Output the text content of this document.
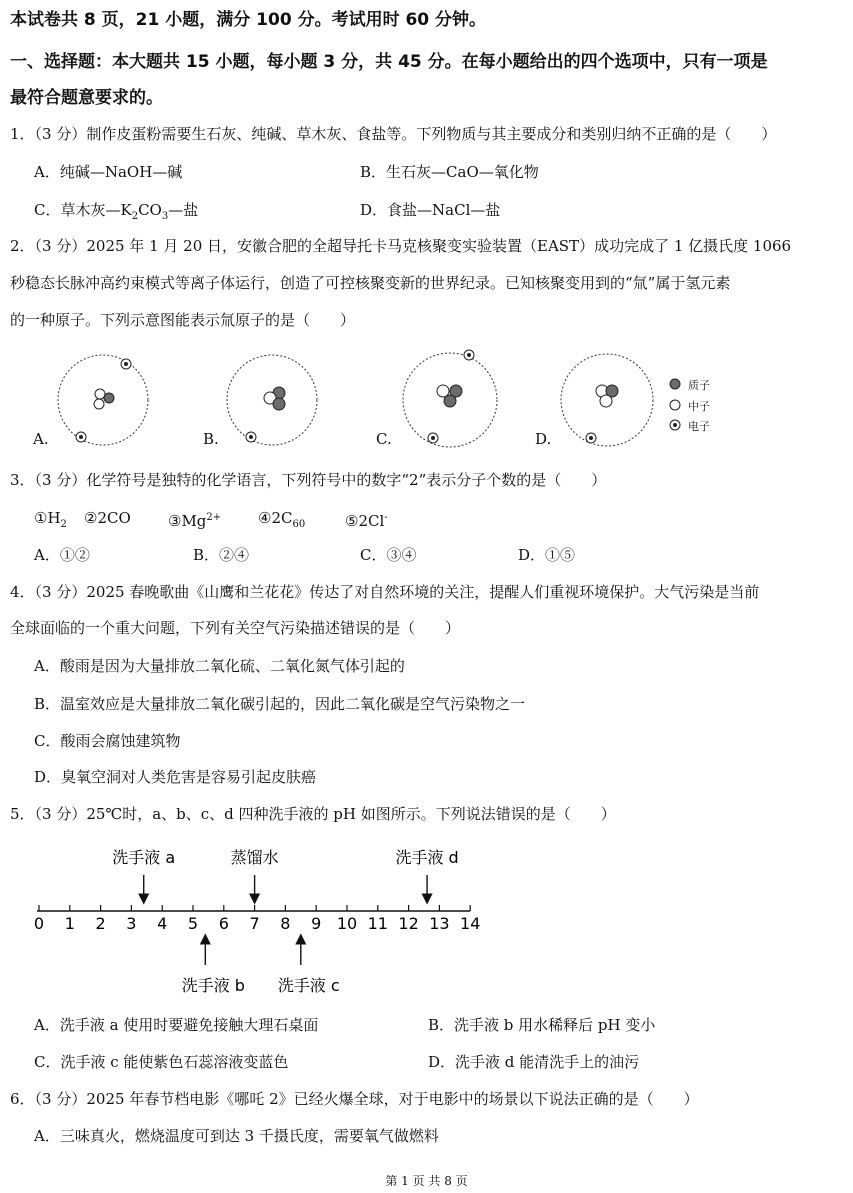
本试卷共 8 页，21 小题，满分 100 分。考试用时 60 分钟。
一、选择题：本大题共 15 小题，每小题 3 分，共 45 分。在每小题给出的四个选项中，只有一项是
最符合题意要求的。
1．（3 分）制作皮蛋粉需要生石灰、纯碱、草木灰、食盐等。下列物质与其主要成分和类别归纳不正确的是（　　）
A．纯碱—NaOH—碱	B．生石灰—CaO—氧化物
C．草木灰$—K_2CO_3—$盐	D．食盐—NaCl—盐
2．（3 分）2025 年 1 月 20 日，安徽合肥的全超导托卡马克核聚变实验装置（EAST）成功完成了 1 亿摄氏度 1066
秒稳态长脉冲高约束模式等离子体运行，创造了可控核聚变新的世界纪录。已知核聚变用到的“氚”属于氢元素
的一种原子。下列示意图能表示氚原子的是（　　）
A.	B.	C.	D.
质子
中子
电子
3．（3 分）化学符号是独特的化学语言，下列符号中的数字“2”表示分子个数的是（　　）
$①H_2$ ②2CO $③Mg^{2+}$ $④2C_{60}$	⑤2Cl-
A．①②	B．②④	C．③④	D．①⑤
4．（3 分）2025 春晚歌曲《山鹰和兰花花》传达了对自然环境的关注，提醒人们重视环境保护。大气污染是当前
全球面临的一个重大问题，下列有关空气污染描述错误的是（　　）
A．酸雨是因为大量排放二氧化硫、二氧化氮气体引起的
B．温室效应是大量排放二氧化碳引起的，因此二氧化碳是空气污染物之一
C．酸雨会腐蚀建筑物
D．臭氧空洞对人类危害是容易引起皮肤癌
5．（3 分）25℃时，a、b、c、d 四种洗手液的 pH 如图所示。下列说法错误的是（　　）
0 1 2 3 4 5 6 7 8 9 10 11 12 13 14
洗手液 a	蒸馏水	洗手液 d
洗手液 b 洗手液 c
A．洗手液 a 使用时要避免接触大理石桌面	B．洗手液 b 用水稀释后 pH 变小
C．洗手液 c 能使紫色石蕊溶液变蓝色	D．洗手液 d 能清洗手上的油污
6．（3 分）2025 年春节档电影《哪吒 2》已经火爆全球，对于电影中的场景以下说法正确的是（　　）
A．三味真火，燃烧温度可到达 3 千摄氏度，需要氧气做燃料
第 1 页 共 8 页
